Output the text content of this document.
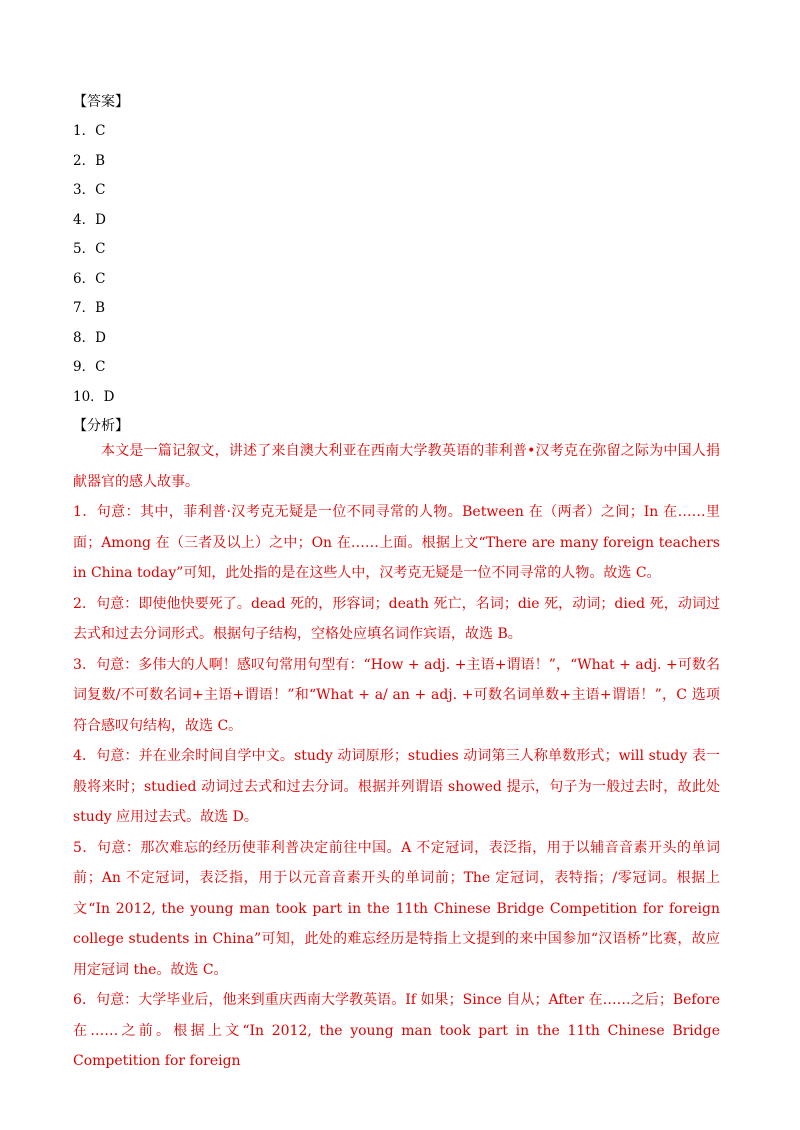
【答案】
1．C
2．B
3．C
4．D
5．C
6．C
7．B
8．D
9．C
10．D
【分析】

本文是一篇记叙文，讲述了来自澳大利亚在西南大学教英语的菲利普•汉考克在弥留之际为中国人捐献器官的感人故事。

1．句意：其中，菲利普·汉考克无疑是一位不同寻常的人物。Between 在（两者）之间；In 在……里面；Among 在（三者及以上）之中；On 在……上面。根据上文“There are many foreign teachers in China today”可知，此处指的是在这些人中，汉考克无疑是一位不同寻常的人物。故选 C。

2．句意：即使他快要死了。dead 死的，形容词；death 死亡，名词；die 死，动词；died 死，动词过去式和过去分词形式。根据句子结构，空格处应填名词作宾语，故选 B。

3．句意：多伟大的人啊！感叹句常用句型有：“How + adj. +主语+谓语！”，“What + adj. +可数名词复数/不可数名词+主语+谓语！”和“What + a/ an + adj. +可数名词单数+主语+谓语！”，C 选项符合感叹句结构，故选 C。

4．句意：并在业余时间自学中文。study 动词原形；studies 动词第三人称单数形式；will study 表一般将来时；studied 动词过去式和过去分词。根据并列谓语 showed 提示，句子为一般过去时，故此处 study 应用过去式。故选 D。

5．句意：那次难忘的经历使菲利普决定前往中国。A 不定冠词，表泛指，用于以辅音音素开头的单词前；An 不定冠词，表泛指，用于以元音音素开头的单词前；The 定冠词，表特指；/零冠词。根据上文“In 2012, the young man took part in the 11th Chinese Bridge Competition for foreign college students in China”可知，此处的难忘经历是特指上文提到的来中国参加“汉语桥”比赛，故应用定冠词 the。故选 C。

6．句意：大学毕业后，他来到重庆西南大学教英语。If 如果；Since 自从；After 在……之后；Before 在……之前。根据上文“In 2012, the young man took part in the 11th Chinese Bridge Competition for foreign
